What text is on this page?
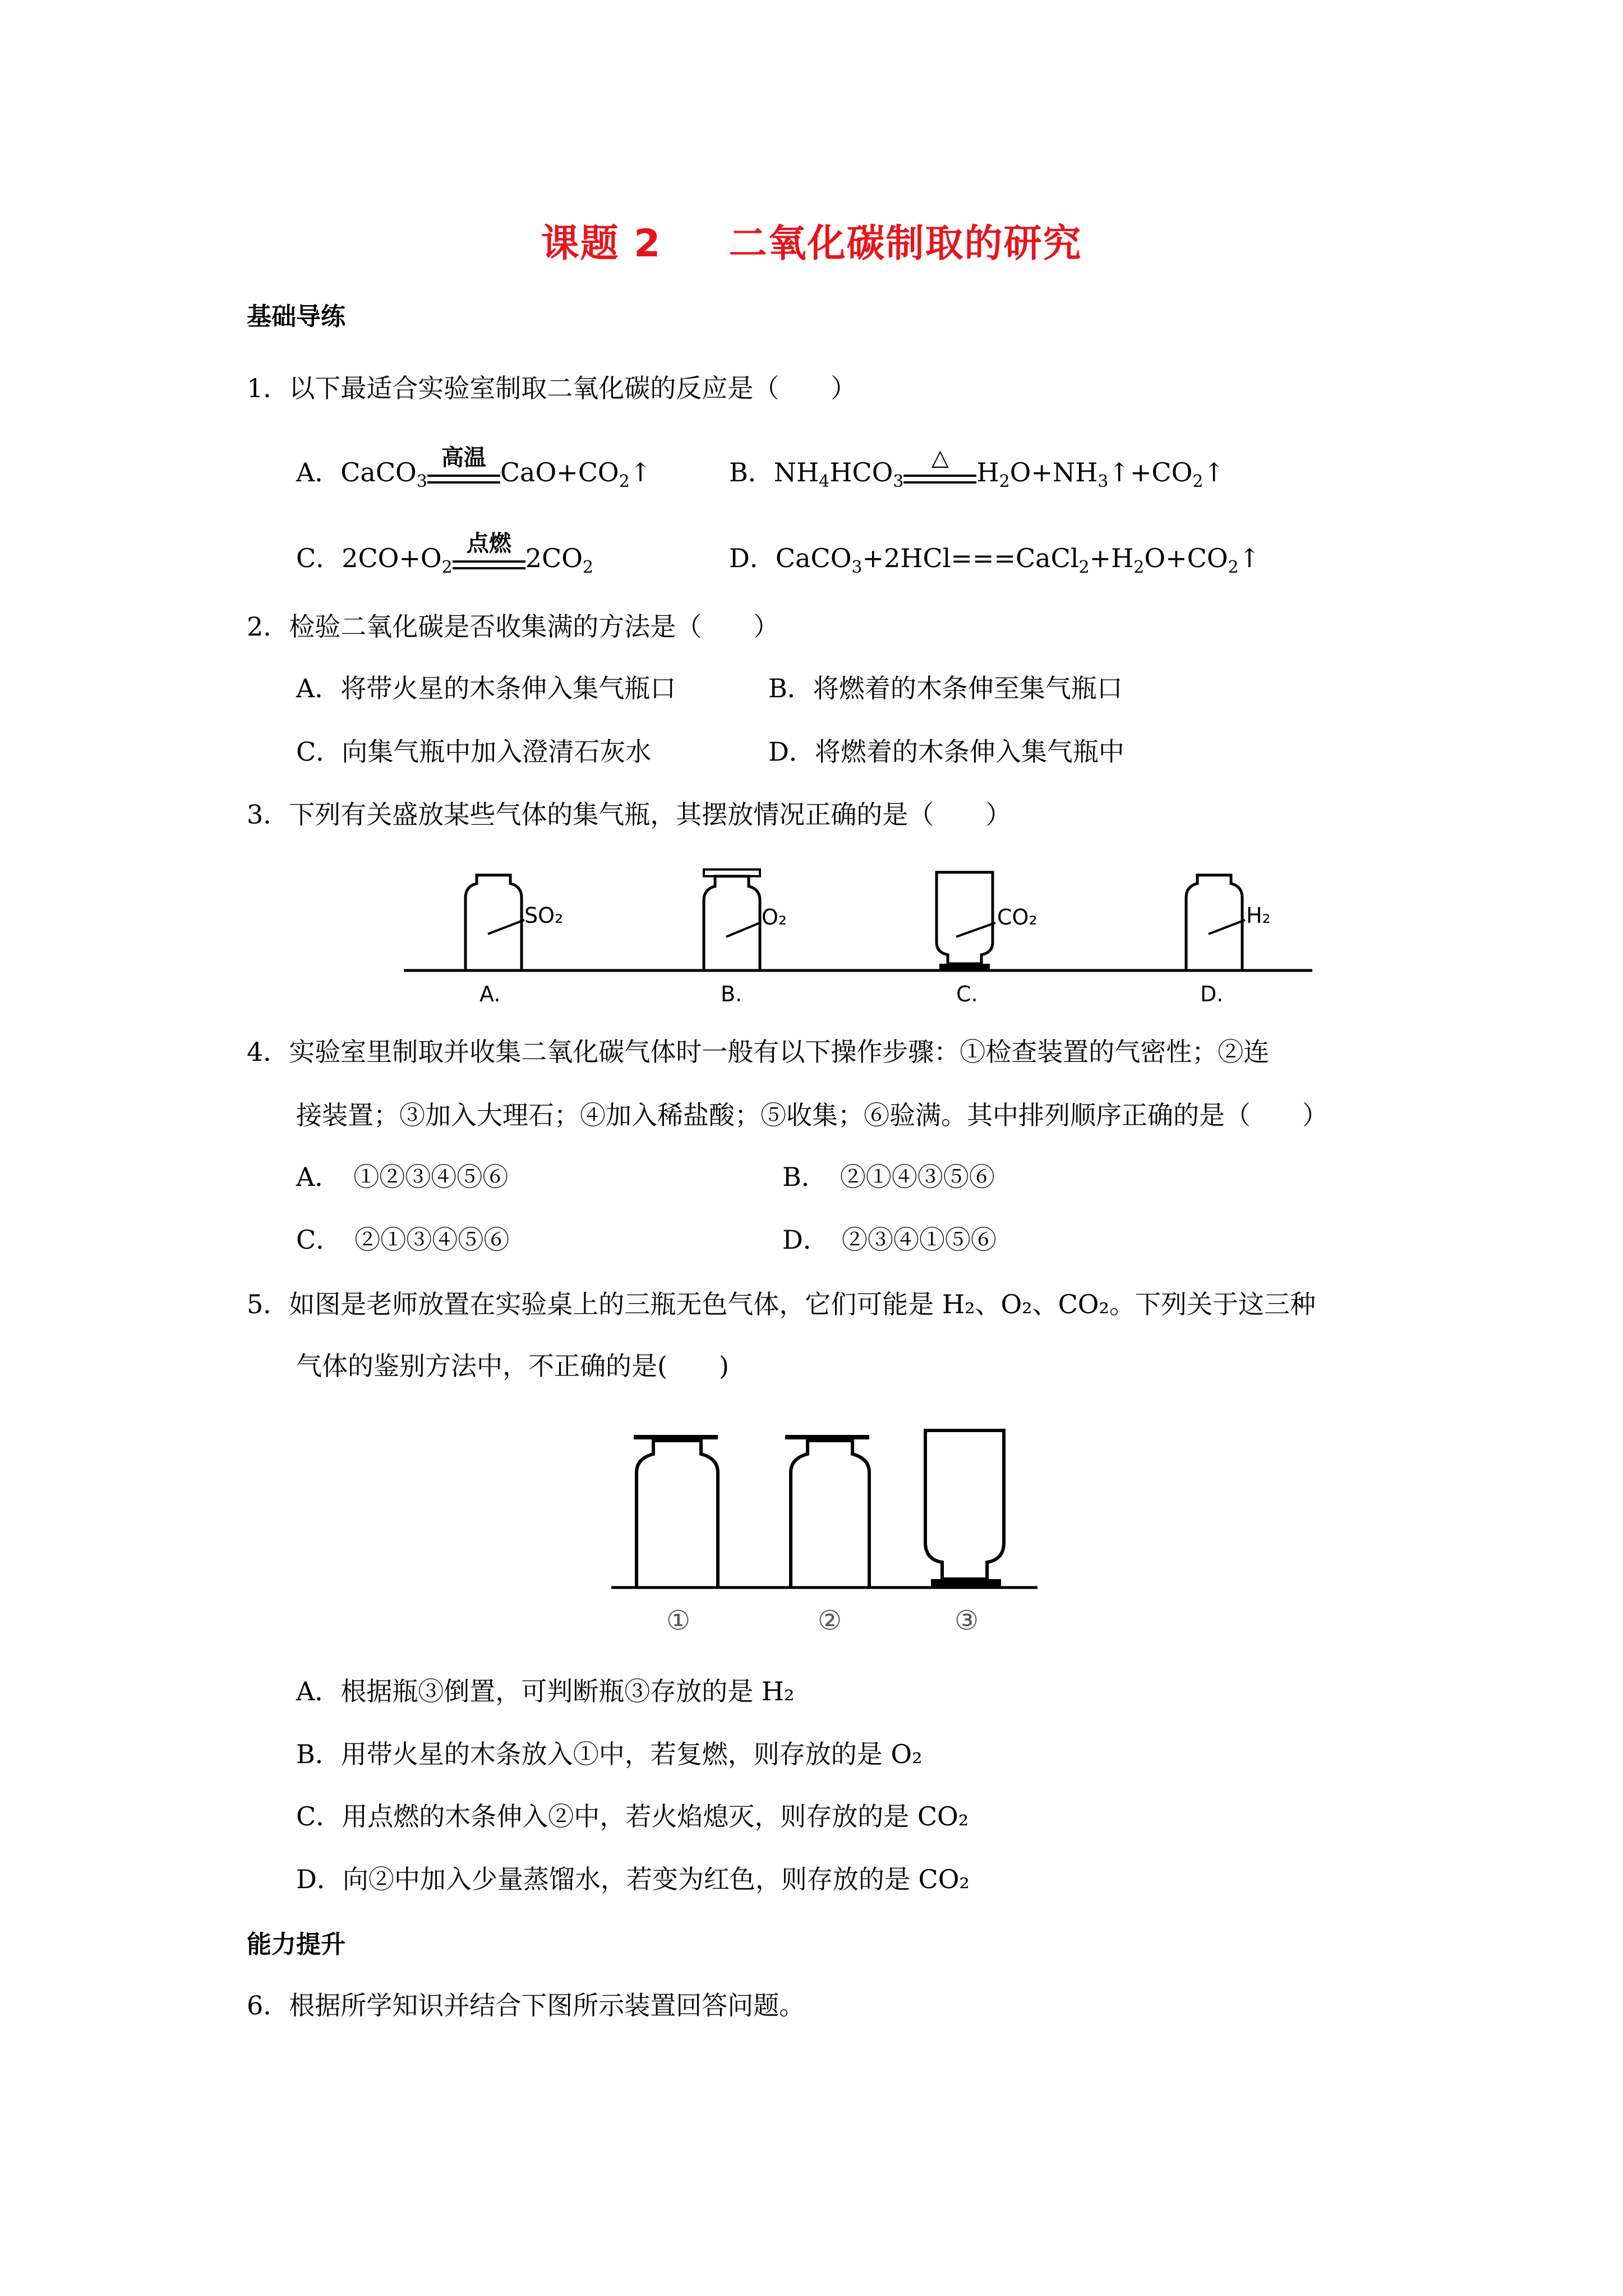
课题 2 二氧化碳制取的研究
基础导练
1．以下最适合实验室制取二氧化碳的反应是（　　）
A．CaCO$_3$
高温 $CaO+CO_2↑$	B．$NH_4HCO_3$
△	$H_2O+NH_3↑+CO_2↑$
C．$2CO+O_2$
点燃 $2CO_2$	D．$CaCO_3+2HCl===CaCl_2+H_2O+CO_2↑$
2．检验二氧化碳是否收集满的方法是（　　）
A．将带火星的木条伸入集气瓶口	B．将燃着的木条伸至集气瓶口
C．向集气瓶中加入澄清石灰水	D．将燃着的木条伸入集气瓶中
3．下列有关盛放某些气体的集气瓶，其摆放情况正确的是（　　）
SO₂
A.
O₂
B.
CO₂
C.
H₂
D.
4．实验室里制取并收集二氧化碳气体时一般有以下操作步骤：①检查装置的气密性；②连
接装置；③加入大理石；④加入稀盐酸；⑤收集；⑥验满。其中排列顺序正确的是（　　）
A．　①②③④⑤⑥	B．　②①④③⑤⑥
C．　②①③④⑤⑥	D．　②③④①⑤⑥
5．如图是老师放置在实验桌上的三瓶无色气体，它们可能是 H₂、O₂、CO₂。下列关于这三种
气体的鉴别方法中，不正确的是(　　)
①	②	③
A．根据瓶③倒置，可判断瓶③存放的是 H₂
B．用带火星的木条放入①中，若复燃，则存放的是 O₂
C．用点燃的木条伸入②中，若火焰熄灭，则存放的是 CO₂
D．向②中加入少量蒸馏水，若变为红色，则存放的是 CO₂
能力提升
6．根据所学知识并结合下图所示装置回答问题。
